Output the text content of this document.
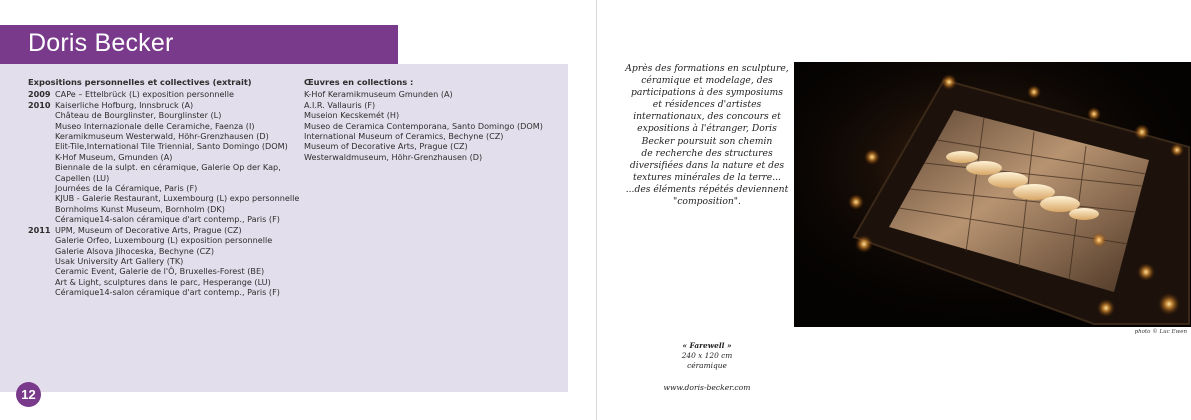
Doris Becker
Expositions personnelles et collectives (extrait)
2009 CAPe – Ettelbrück (L) exposition personnelle
2010 Kaiserliche Hofburg, Innsbruck (A)
Château de Bourglinster, Bourglinster (L)
Museo Internazionale delle Ceramiche, Faenza (I)
Keramikmuseum Westerwald, Höhr-Grenzhausen (D)
Elit-Tile,International Tile Triennial, Santo Domingo (DOM)
K-Hof Museum, Gmunden (A)
Biennale de la sulpt. en céramique, Galerie Op der Kap,
Capellen (LU)
Journées de la Céramique, Paris (F)
KJUB - Galerie Restaurant, Luxembourg (L) expo personnelle
Bornholms Kunst Museum, Bornholm (DK)
Céramique14-salon céramique d'art contemp., Paris (F)
2011 UPM, Museum of Decorative Arts, Prague (CZ)
Galerie Orfeo, Luxembourg (L) exposition personnelle
Galerie Alsova Jihoceska, Bechyne (CZ)
Usak University Art Gallery (TK)
Ceramic Event, Galerie de l'Ô, Bruxelles-Forest (BE)
Art & Light, sculptures dans le parc, Hesperange (LU)
Céramique14-salon céramique d'art contemp., Paris (F)
Œuvres en collections :
K-Hof Keramikmuseum Gmunden (A)
A.I.R. Vallauris (F)
Museion Kecskemét (H)
Museo de Ceramica Contemporana, Santo Domingo (DOM)
International Museum of Ceramics, Bechyne (CZ)
Museum of Decorative Arts, Prague (CZ)
Westerwaldmuseum, Höhr-Grenzhausen (D)
12
Après des formations en sculpture,
céramique et modelage, des
participations à des symposiums
et résidences d'artistes
internationaux, des concours et
expositions à l'étranger, Doris
Becker poursuit son chemin
de recherche des structures
diversifiées dans la nature et des
textures minérales de la terre...
...des éléments répétés deviennent
"composition".
photo © Luc Ewen
« Farewell »
240 x 120 cm
céramique
www.doris-becker.com
